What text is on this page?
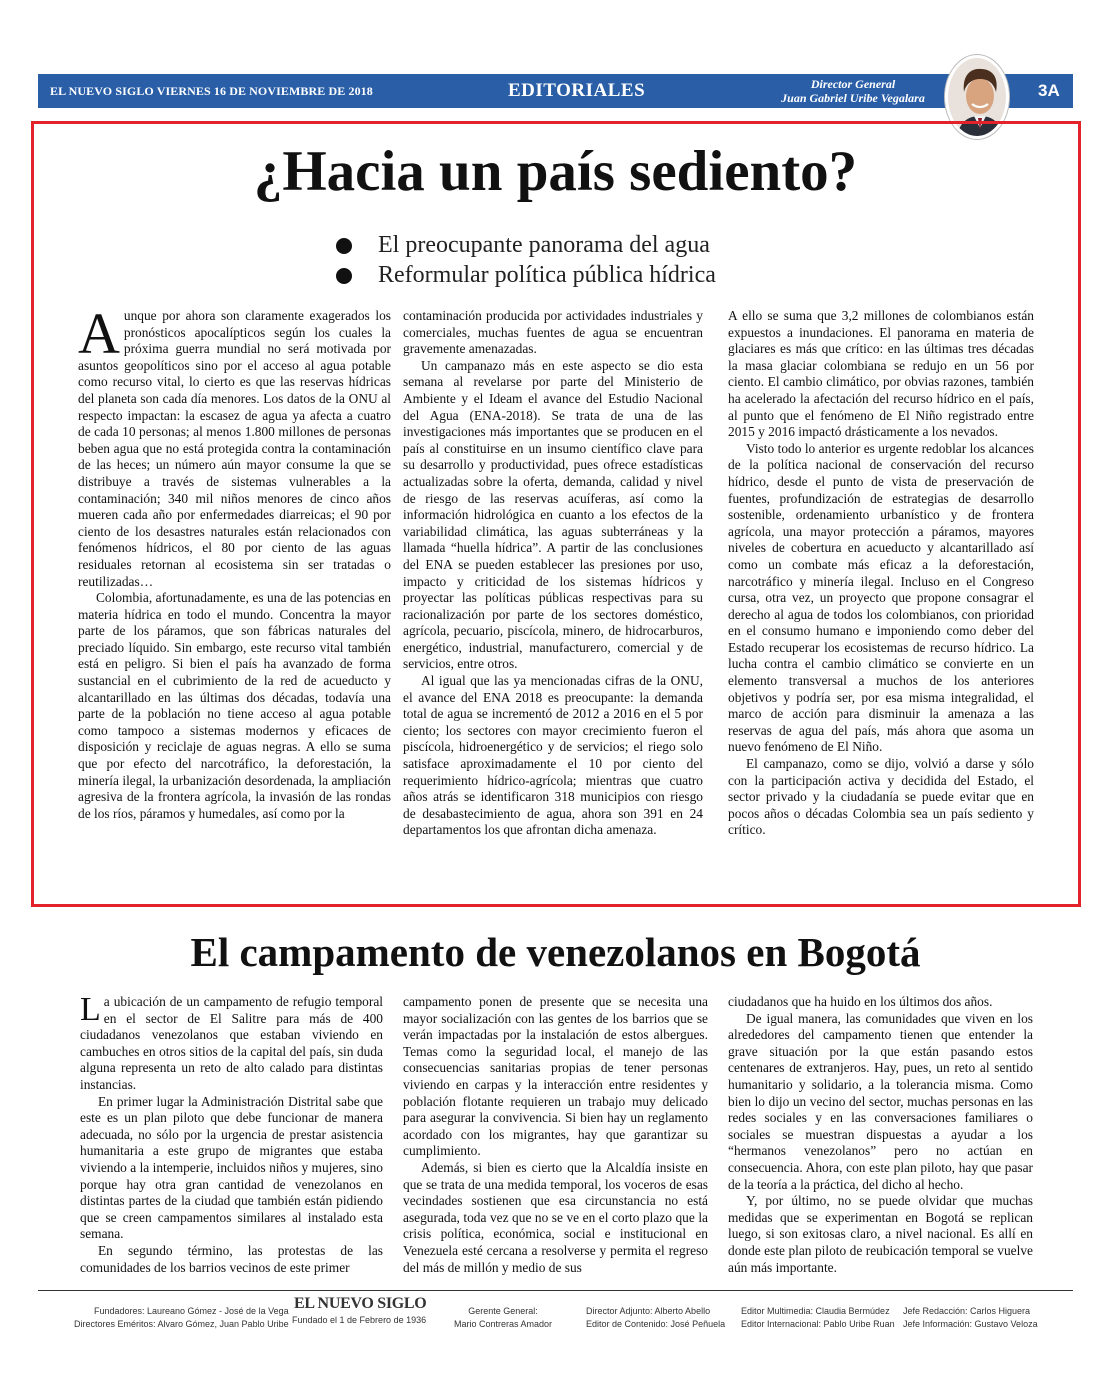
EL NUEVO SIGLO VIERNES 16 DE NOVIEMBRE DE 2018	EDITORIALES	Director General
Juan Gabriel Uribe Vegalara	3A
¿Hacia un país sediento?
El preocupante panorama del agua
Reformular política pública hídrica

Aunque por ahora son claramente exagerados los pronósticos apocalípticos según los cuales la próxima guerra mundial no será motivada por asuntos geopolíticos sino por el acceso al agua potable como recurso vital, lo cierto es que las reservas hídricas del planeta son cada día menores. Los datos de la ONU al respecto impactan: la escasez de agua ya afecta a cuatro de cada 10 personas; al menos 1.800 millones de personas beben agua que no está protegida contra la contaminación de las heces; un número aún mayor consume la que se distribuye a través de sistemas vulnerables a la contaminación; 340 mil niños menores de cinco años mueren cada año por enfermedades diarreicas; el 90 por ciento de los desastres naturales están relacionados con fenómenos hídricos, el 80 por ciento de las aguas residuales retornan al ecosistema sin ser tratadas o reutilizadas…

Colombia, afortunadamente, es una de las potencias en materia hídrica en todo el mundo. Concentra la mayor parte de los páramos, que son fábricas naturales del preciado líquido. Sin embargo, este recurso vital también está en peligro. Si bien el país ha avanzado de forma sustancial en el cubrimiento de la red de acueducto y alcantarillado en las últimas dos décadas, todavía una parte de la población no tiene acceso al agua potable como tampoco a sistemas modernos y eficaces de disposición y reciclaje de aguas negras. A ello se suma que por efecto del narcotráfico, la deforestación, la minería ilegal, la urbanización desordenada, la ampliación agresiva de la frontera agrícola, la invasión de las rondas de los ríos, páramos y humedales, así como por la

contaminación producida por actividades industriales y comerciales, muchas fuentes de agua se encuentran gravemente amenazadas.

Un campanazo más en este aspecto se dio esta semana al revelarse por parte del Ministerio de Ambiente y el Ideam el avance del Estudio Nacional del Agua (ENA-2018). Se trata de una de las investigaciones más importantes que se producen en el país al constituirse en un insumo científico clave para su desarrollo y productividad, pues ofrece estadísticas actualizadas sobre la oferta, demanda, calidad y nivel de riesgo de las reservas acuíferas, así como la información hidrológica en cuanto a los efectos de la variabilidad climática, las aguas subterráneas y la llamada “huella hídrica”. A partir de las conclusiones del ENA se pueden establecer las presiones por uso, impacto y criticidad de los sistemas hídricos y proyectar las políticas públicas respectivas para su racionalización por parte de los sectores doméstico, agrícola, pecuario, piscícola, minero, de hidrocarburos, energético, industrial, manufacturero, comercial y de servicios, entre otros.

Al igual que las ya mencionadas cifras de la ONU, el avance del ENA 2018 es preocupante: la demanda total de agua se incrementó de 2012 a 2016 en el 5 por ciento; los sectores con mayor crecimiento fueron el piscícola, hidroenergético y de servicios; el riego solo satisface aproximadamente el 10 por ciento del requerimiento hídrico-agrícola; mientras que cuatro años atrás se identificaron 318 municipios con riesgo de desabastecimiento de agua, ahora son 391 en 24 departamentos los que afrontan dicha amenaza.

A ello se suma que 3,2 millones de colombianos están expuestos a inundaciones. El panorama en materia de glaciares es más que crítico: en las últimas tres décadas la masa glaciar colombiana se redujo en un 56 por ciento. El cambio climático, por obvias razones, también ha acelerado la afectación del recurso hídrico en el país, al punto que el fenómeno de El Niño registrado entre 2015 y 2016 impactó drásticamente a los nevados.

Visto todo lo anterior es urgente redoblar los alcances de la política nacional de conservación del recurso hídrico, desde el punto de vista de preservación de fuentes, profundización de estrategias de desarrollo sostenible, ordenamiento urbanístico y de frontera agrícola, una mayor protección a páramos, mayores niveles de cobertura en acueducto y alcantarillado así como un combate más eficaz a la deforestación, narcotráfico y minería ilegal. Incluso en el Congreso cursa, otra vez, un proyecto que propone consagrar el derecho al agua de todos los colombianos, con prioridad en el consumo humano e imponiendo como deber del Estado recuperar los ecosistemas de recurso hídrico. La lucha contra el cambio climático se convierte en un elemento transversal a muchos de los anteriores objetivos y podría ser, por esa misma integralidad, el marco de acción para disminuir la amenaza a las reservas de agua del país, más ahora que asoma un nuevo fenómeno de El Niño.

El campanazo, como se dijo, volvió a darse y sólo con la participación activa y decidida del Estado, el sector privado y la ciudadanía se puede evitar que en pocos años o décadas Colombia sea un país sediento y crítico.

El campamento de venezolanos en Bogotá

La ubicación de un campamento de refugio temporal en el sector de El Salitre para más de 400 ciudadanos venezolanos que estaban viviendo en cambuches en otros sitios de la capital del país, sin duda alguna representa un reto de alto calado para distintas instancias.

En primer lugar la Administración Distrital sabe que este es un plan piloto que debe funcionar de manera adecuada, no sólo por la urgencia de prestar asistencia humanitaria a este grupo de migrantes que estaba viviendo a la intemperie, incluidos niños y mujeres, sino porque hay otra gran cantidad de venezolanos en distintas partes de la ciudad que también están pidiendo que se creen campamentos similares al instalado esta semana.

En segundo término, las protestas de las comunidades de los barrios vecinos de este primer

campamento ponen de presente que se necesita una mayor socialización con las gentes de los barrios que se verán impactadas por la instalación de estos albergues. Temas como la seguridad local, el manejo de las consecuencias sanitarias propias de tener personas viviendo en carpas y la interacción entre residentes y población flotante requieren un trabajo muy delicado para asegurar la convivencia. Si bien hay un reglamento acordado con los migrantes, hay que garantizar su cumplimiento.

Además, si bien es cierto que la Alcaldía insiste en que se trata de una medida temporal, los voceros de esas vecindades sostienen que esa circunstancia no está asegurada, toda vez que no se ve en el corto plazo que la crisis política, económica, social e institucional en Venezuela esté cercana a resolverse y permita el regreso del más de millón y medio de sus

ciudadanos que ha huido en los últimos dos años.

De igual manera, las comunidades que viven en los alrededores del campamento tienen que entender la grave situación por la que están pasando estos centenares de extranjeros. Hay, pues, un reto al sentido humanitario y solidario, a la tolerancia misma. Como bien lo dijo un vecino del sector, muchas personas en las redes sociales y en las conversaciones familiares o sociales se muestran dispuestas a ayudar a los “hermanos venezolanos” pero no actúan en consecuencia. Ahora, con este plan piloto, hay que pasar de la teoría a la práctica, del dicho al hecho.

Y, por último, no se puede olvidar que muchas medidas que se experimentan en Bogotá se replican luego, si son exitosas claro, a nivel nacional. Es allí en donde este plan piloto de reubicación temporal se vuelve aún más importante.

Fundadores: Laureano Gómez - José de la Vega
Directores Eméritos: Alvaro Gómez, Juan Pablo Uribe
EL NUEVO SIGLO
Fundado el 1 de Febrero de 1936
Gerente General:
Mario Contreras Amador
Director Adjunto: Alberto Abello
Editor de Contenido: José Peñuela
Editor Multimedia: Claudia Bermúdez
Editor Internacional: Pablo Uribe Ruan
Jefe Redacción: Carlos Higuera
Jefe Información: Gustavo Veloza
